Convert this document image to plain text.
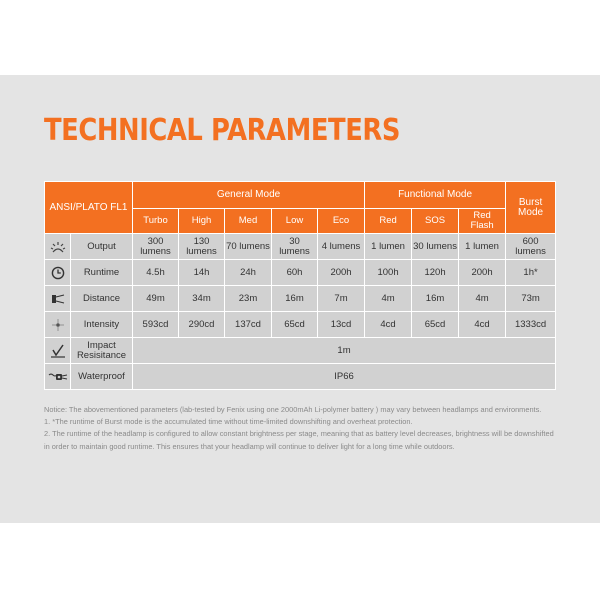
TECHNICAL PARAMETERS
ANSI/PLATO FL1		General Mode					Functional Mode			Burst Mode
		Turbo	High	Med	Low	Eco	Red	SOS	Red Flash	

	Output	300 lumens	130 lumens	70 lumens	30 lumens	4 lumens	1 lumen	30 lumens	1 lumen	600 lumens

	Runtime	4.5h	14h	24h	60h	200h	100h	120h	200h	1h*

	Distance	49m	34m	23m	16m	7m	4m	16m	4m	73m

	Intensity	593cd	290cd	137cd	65cd	13cd	4cd	65cd	4cd	1333cd

	Impact Resisitance	1m								

	Waterproof	IP66								

Notice: The abovementioned parameters (lab-tested by Fenix using one 2000mAh Li-polymer battery ) may vary between headlamps and environments.

1. *The runtime of Burst mode is the accumulated time without time-limited downshifting and overheat protection.

2. The runtime of the headlamp is configured to allow constant brightness per stage, meaning that as battery level decreases, brightness will be downshifted in order to maintain good runtime. This ensures that your headlamp will continue to deliver light for a long time while outdoors.
